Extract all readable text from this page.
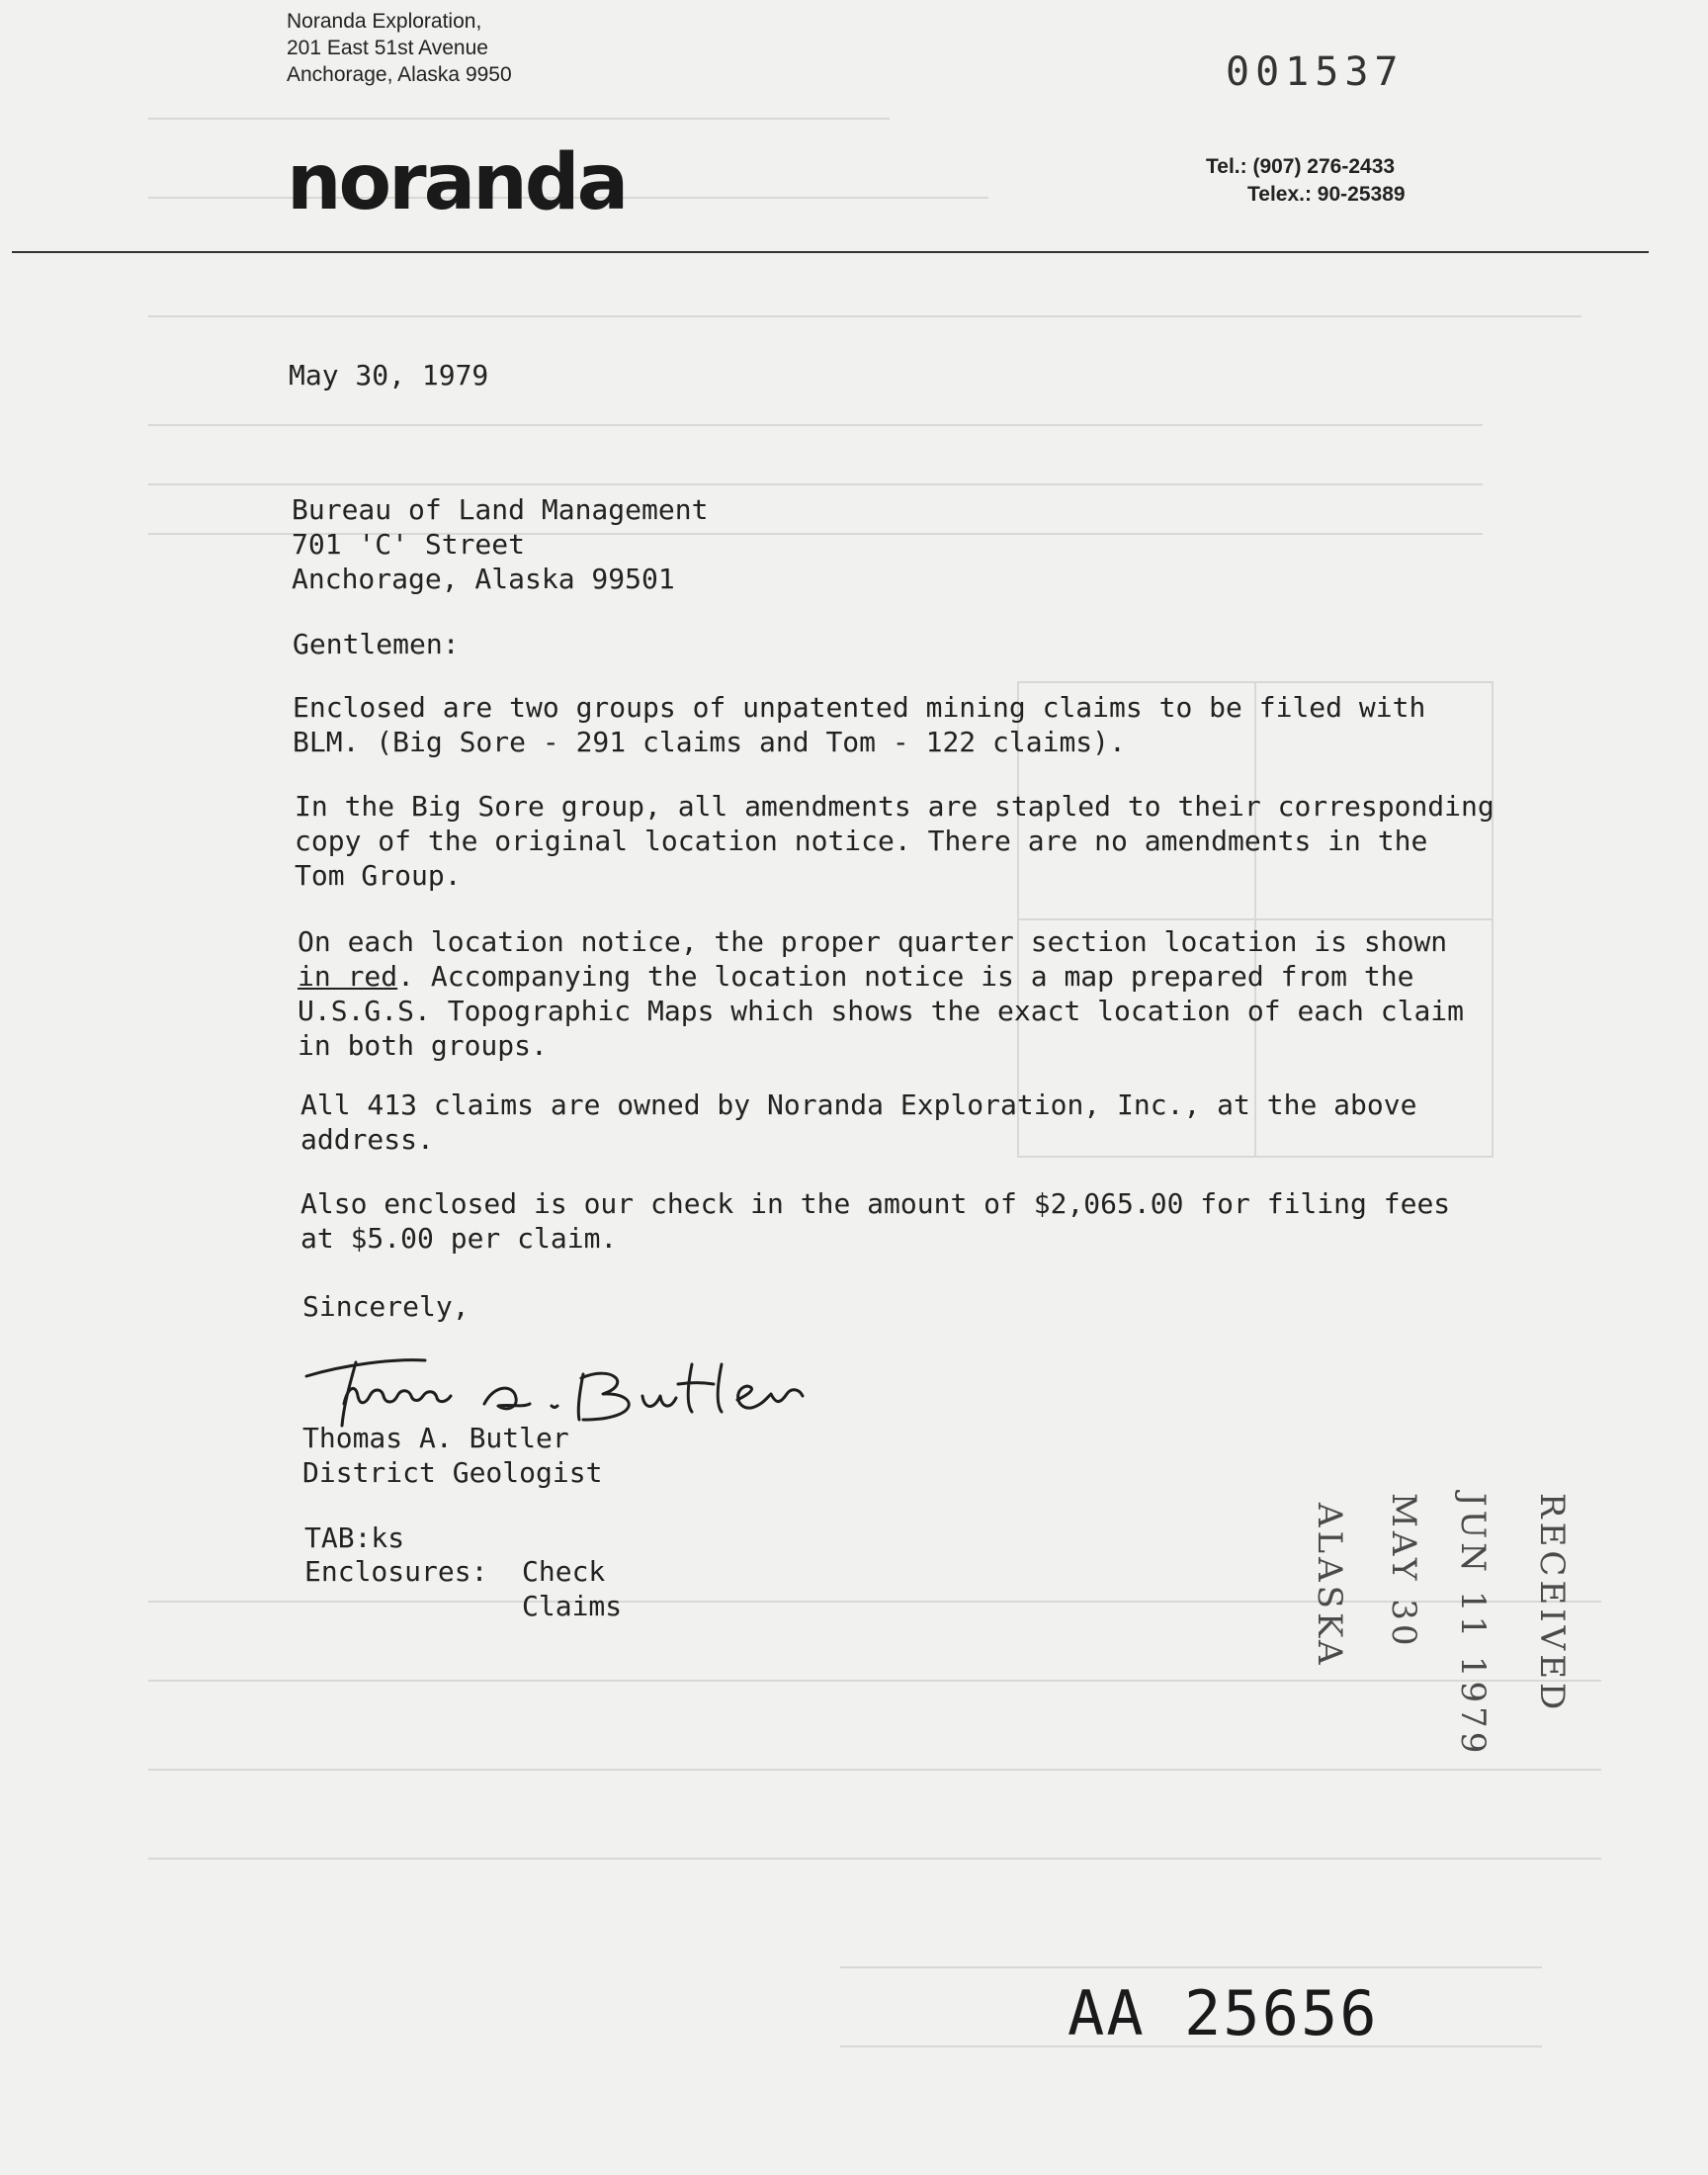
Noranda Exploration,
201 East 51st Avenue
Anchorage, Alaska 9950	001537
noranda	Tel.: (907) 276-2433
Telex.: 90-25389
May 30, 1979
Bureau of Land Management
701 'C' Street
Anchorage, Alaska 99501
Gentlemen:
Enclosed are two groups of unpatented mining claims to be filed with
BLM. (Big Sore - 291 claims and Tom - 122 claims).
In the Big Sore group, all amendments are stapled to their corresponding
copy of the original location notice. There are no amendments in the
Tom Group.
On each location notice, the proper quarter section location is shown
in red. Accompanying the location notice is a map prepared from the
U.S.G.S. Topographic Maps which shows the exact location of each claim
in both groups.
All 413 claims are owned by Noranda Exploration, Inc., at the above
address.
Also enclosed is our check in the amount of $2,065.00 for filing fees
at $5.00 per claim.
Sincerely,
Thomas A. Butler
District Geologist
TAB:ks
Enclosures: Check
Claims	RECEIVED
JUN 11 1979
MAY 30
ALASKA
AA 25656
